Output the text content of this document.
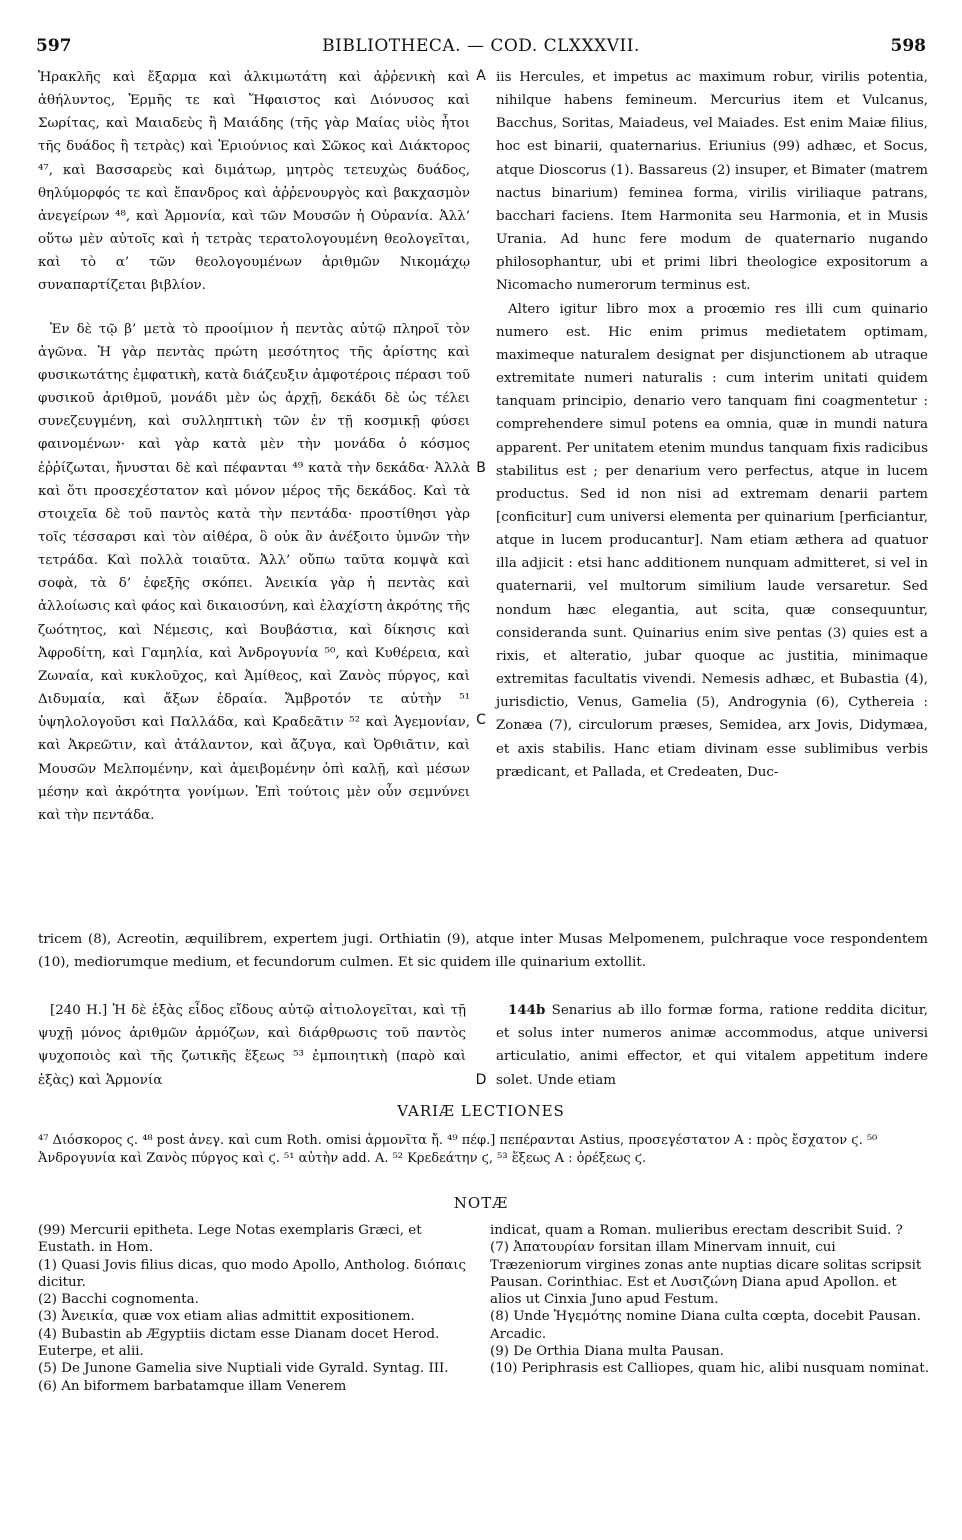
597	BIBLIOTHECA. — COD. CLXXXVII.	598

Ἡρακλῆς καὶ ἔξαρμα καὶ ἀλκιμωτάτη καὶ ἀῤῥενικὴ καὶ ἀθήλυντος, Ἑρμῆς τε καὶ Ἥφαιστος καὶ Διόνυσος καὶ Σωρίτας, καὶ Μαιαδεὺς ἢ Μαιάδης (τῆς γὰρ Μαίας υἱὸς ἦτοι τῆς δυάδος ἢ τετρὰς) καὶ Ἐριούνιος καὶ Σῶκος καὶ Διάκτορος ⁴⁷, καὶ Βασσαρεὺς καὶ διμάτωρ, μητρὸς τετευχὼς δυάδος, θηλύμορφός τε καὶ ἔπανδρος καὶ ἀῤῥενουργὸς καὶ βακχασμὸν ἀνεγείρων ⁴⁸, καὶ Ἁρμονία, καὶ τῶν Μουσῶν ἡ Οὐρανία. Ἀλλ’ οὕτω μὲν αὐτοῖς καὶ ἡ τετρὰς τερατολογουμένη θεολογεῖται, καὶ τὸ α’ τῶν θεολογουμένων ἀριθμῶν Νικομάχῳ συναπαρτίζεται βιβλίον.

Ἐν δὲ τῷ β’ μετὰ τὸ προοίμιον ἡ πεντὰς αὐτῷ πληροῖ τὸν ἀγῶνα. Ἡ γὰρ πεντὰς πρώτη μεσότητος τῆς ἀρίστης καὶ φυσικωτάτης ἐμφατικὴ, κατὰ διάζευξιν ἀμφοτέροις πέρασι τοῦ φυσικοῦ ἀριθμοῦ, μονάδι μὲν ὡς ἀρχῇ, δεκάδι δὲ ὡς τέλει συνεζευγμένη, καὶ συλληπτικὴ τῶν ἐν τῇ κοσμικῇ φύσει φαινομένων· καὶ γὰρ κατὰ μὲν τὴν μονάδα ὁ κόσμος ἐῤῥίζωται, ἤνυσται δὲ καὶ πέφανται ⁴⁹ κατὰ τὴν δεκάδα· Ἀλλὰ καὶ ὅτι προσεχέστατον καὶ μόνον μέρος τῆς δεκάδος. Καὶ τὰ στοιχεῖα δὲ τοῦ παντὸς κατὰ τὴν πεντάδα· προστίθησι γὰρ τοῖς τέσσαρσι καὶ τὸν αἰθέρα, ὃ οὐκ ἂν ἀνέξοιτο ὑμνῶν τὴν τετράδα. Καὶ πολλὰ τοιαῦτα. Ἀλλ’ οὔπω ταῦτα κομψὰ καὶ σοφὰ, τὰ δ’ ἐφεξῆς σκόπει. Ἀνεικία γὰρ ἡ πεντὰς καὶ ἀλλοίωσις καὶ φάος καὶ δικαιοσύνη, καὶ ἐλαχίστη ἀκρότης τῆς ζωότητος, καὶ Νέμεσις, καὶ Βουβάστια, καὶ δίκησις καὶ Ἀφροδίτη, καὶ Γαμηλία, καὶ Ἀνδρογυνία ⁵⁰, καὶ Κυθέρεια, καὶ Ζωναία, καὶ κυκλοῦχος, καὶ Ἀμίθεος, καὶ Ζανὸς πύργος, καὶ Διδυμαία, καὶ ἄξων ἑδραία. Ἄμβροτόν τε αὐτὴν ⁵¹ ὑψηλολογοῦσι καὶ Παλλάδα, καὶ Κραδεᾶτιν ⁵² καὶ Ἀγεμονίαν, καὶ Ἀκρεῶτιν, καὶ ἀτάλαντον, καὶ ἄζυγα, καὶ Ὀρθιᾶτιν, καὶ Μουσῶν Μελπομένην, καὶ ἀμειβομένην ὀπὶ καλῇ, καὶ μέσων μέσην καὶ ἀκρότητα γονίμων. Ἐπὶ τούτοις μὲν οὖν σεμνύνει καὶ τὴν πεντάδα.

iis Hercules, et impetus ac maximum robur, virilis potentia, nihilque habens femineum. Mercurius item et Vulcanus, Bacchus, Soritas, Maiadeus, vel Maiades. Est enim Maiæ filius, hoc est binarii, quaternarius. Eriunius (99) adhæc, et Socus, atque Dioscorus (1). Bassareus (2) insuper, et Bimater (matrem nactus binarium) feminea forma, virilis viriliaque patrans, bacchari faciens. Item Harmonita seu Harmonia, et in Musis Urania. Ad hunc fere modum de quaternario nugando philosophantur, ubi et primi libri theologice expositorum a Nicomacho numerorum terminus est.

Altero igitur libro mox a proœmio res illi cum quinario numero est. Hic enim primus medietatem optimam, maximeque naturalem designat per disjunctionem ab utraque extremitate numeri naturalis : cum interim unitati quidem tanquam principio, denario vero tanquam fini coagmentetur : comprehendere simul potens ea omnia, quæ in mundi natura apparent. Per unitatem etenim mundus tanquam fixis radicibus stabilitus est ; per denarium vero perfectus, atque in lucem productus. Sed id non nisi ad extremam denarii partem [conficitur] cum universi elementa per quinarium [perficiantur, atque in lucem producantur]. Nam etiam æthera ad quatuor illa adjicit : etsi hanc additionem nunquam admitteret, si vel in quaternarii, vel multorum similium laude versaretur. Sed nondum hæc elegantia, aut scita, quæ consequuntur, considerandа sunt. Quinarius enim sive pentas (3) quies est a rixis, et alteratio, jubar quoque ac justitia, minimaque extremitas facultatis vivendi. Nemesis adhæc, et Bubastia (4), jurisdictio, Venus, Gamelia (5), Androgynia (6), Cythereia : Zonæa (7), circulorum præses, Semidea, arx Jovis, Didymæa, et axis stabilis. Hanc etiam divinam esse sublimibus verbis prædicant, et Pallada, et Credeaten, Duc-

A
B
C
D

tricem (8), Acreotin, æquilibrem, expertem jugi. Orthiatin (9), atque inter Musas Melpomenem, pulchraque voce respondentem (10), mediorumque medium, et fecundorum culmen. Et sic quidem ille quinarium extollit.

[240 H.] Ἡ δὲ ἑξὰς εἶδος εἴδους αὐτῷ αἰτιολογεῖται, καὶ τῇ ψυχῇ μόνος ἀριθμῶν ἁρμόζων, καὶ διάρθρωσις τοῦ παντὸς ψυχοποιὸς καὶ τῆς ζωτικῆς ἕξεως ⁵³ ἐμποιητικὴ (παρὸ καὶ ἑξὰς) καὶ Ἁρμονία

144b Senarius ab illo formæ forma, ratione redditа dicitur, et solus inter numeros animæ accommodus, atque universi articulatio, animi effector, et qui vitalem appetitum indere solet. Unde etiam

VARIÆ LECTIONES

⁴⁷ Διόσκορος ϛ. ⁴⁸ post ἀνεγ. καὶ cum Roth. omisi ἁρμονῖτα ἤ. ⁴⁹ πέφ.] πεπέρανται Astius, προσεγέστατον A : πρὸς ἔσχατον ϛ. ⁵⁰ Ἀνδρογυνία καὶ Ζανὸς πύργος καὶ ϛ. ⁵¹ αὐτὴν add. A. ⁵² Κρεδεάτην ϛ, ⁵³ ἕξεως A : ὀρέξεως ϛ.

NOTÆ

(99) Mercurii epitheta. Lege Notas exemplaris Græci, et Eustath. in Hom.

(1) Quasi Jovis filius dicas, quo modo Apollo, Antholog. διόπαις dicitur.

(2) Bacchi cognomenta.

(3) Ἀνεικία, quæ vox etiam alias admittit expositionem.

(4) Bubastin ab Ægyptiis dictam esse Dianam docet Herod. Euterpe, et alii.

(5) De Junone Gamelia sive Nuptiali vide Gyrald. Syntag. III.

(6) An biformem barbatamque illam Venerem

indicat, quam a Roman. mulieribus erectam describit Suid. ?

(7) Ἀπατουρίαν forsitan illam Minervam innuit, cui Træzeniorum virgines zonas ante nuptias dicare solitas scripsit Pausan. Corinthiac. Est et Λυσιζώνη Diana apud Apollon. et alios ut Cinxia Juno apud Festum.

(8) Unde Ἡγεμότης nomine Diana cultа cœpta, docebit Pausan. Arcadic.

(9) De Orthia Diana multa Pausan.

(10) Periphrasis est Calliopes, quam hic, alibi nusquam nominat.
